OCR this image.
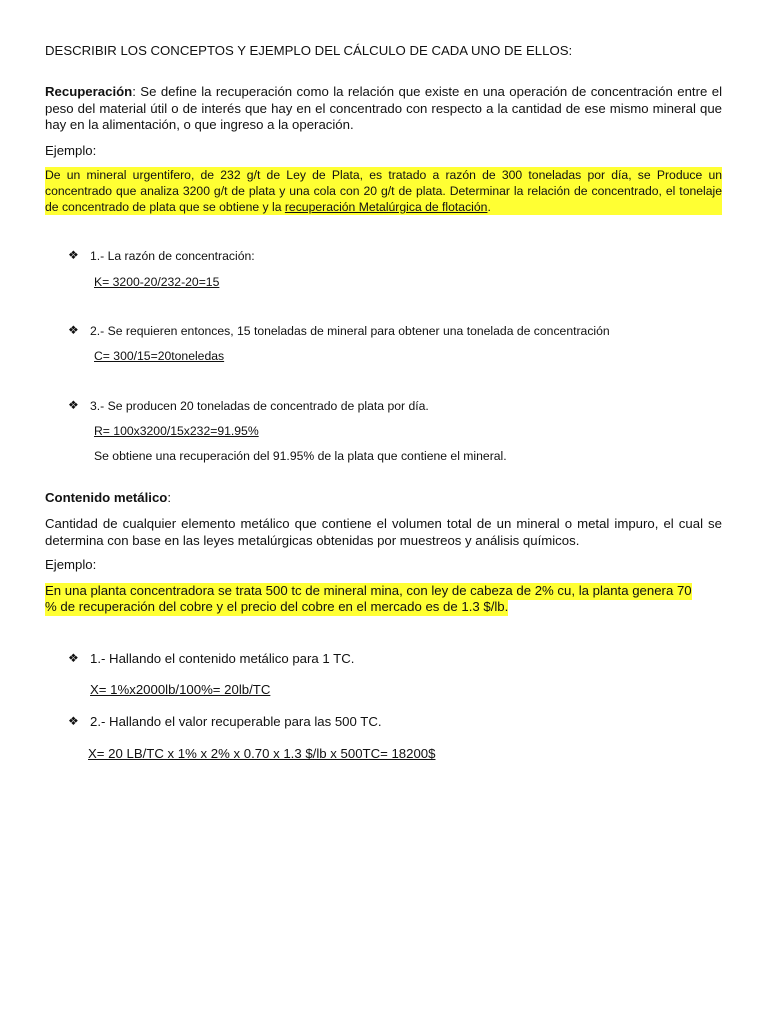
DESCRIBIR LOS CONCEPTOS Y EJEMPLO DEL CÁLCULO DE CADA UNO DE ELLOS:

Recuperación: Se define la recuperación como la relación que existe en una operación de concentración entre el peso del material útil o de interés que hay en el concentrado con respecto a la cantidad de ese mismo mineral que hay en la alimentación, o que ingreso a la operación.

Ejemplo:

De un mineral urgentifero, de 232 g/t de Ley de Plata, es tratado a razón de 300 toneladas por día, se Produce un concentrado que analiza 3200 g/t de plata y una cola con 20 g/t de plata. Determinar la relación de concentrado, el tonelaje de concentrado de plata que se obtiene y la recuperación Metalúrgica de flotación.

❖ 1.- La razón de concentración:
K= 3200-20/232-20=15
❖ 2.- Se requieren entonces, 15 toneladas de mineral para obtener una tonelada de concentración
C= 300/15=20toneledas
❖ 3.- Se producen 20 toneladas de concentrado de plata por día.
R= 100x3200/15x232=91.95%
Se obtiene una recuperación del 91.95% de la plata que contiene el mineral.

Contenido metálico:

Cantidad de cualquier elemento metálico que contiene el volumen total de un mineral o metal impuro, el cual se determina con base en las leyes metalúrgicas obtenidas por muestreos y análisis químicos.

Ejemplo:

En una planta concentradora se trata 500 tc de mineral mina, con ley de cabeza de 2% cu, la planta genera 70
% de recuperación del cobre y el precio del cobre en el mercado es de 1.3 $/lb.
❖ 1.- Hallando el contenido metálico para 1 TC.
X= 1%x2000lb/100%= 20lb/TC
❖ 2.- Hallando el valor recuperable para las 500 TC.
X= 20 LB/TC x 1% x 2% x 0.70 x 1.3 $/lb x 500TC= 18200$
